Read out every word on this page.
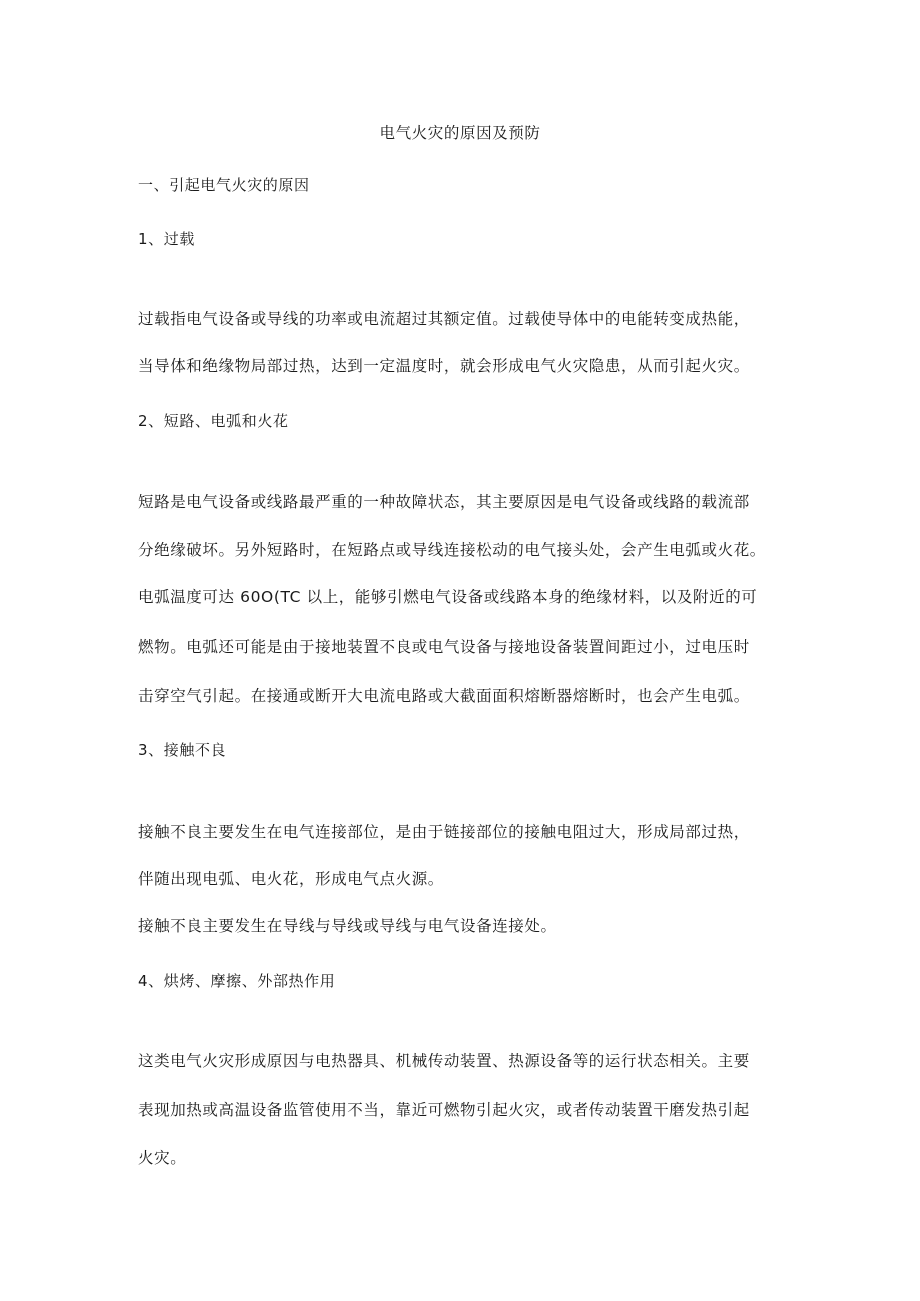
电气火灾的原因及预防
一、引起电气火灾的原因
1、过载
过载指电气设备或导线的功率或电流超过其额定值。过载使导体中的电能转变成热能，
当导体和绝缘物局部过热，达到一定温度时，就会形成电气火灾隐患，从而引起火灾。
2、短路、电弧和火花
短路是电气设备或线路最严重的一种故障状态，其主要原因是电气设备或线路的载流部
分绝缘破坏。另外短路时，在短路点或导线连接松动的电气接头处，会产生电弧或火花。
电弧温度可达 60O(TC 以上，能够引燃电气设备或线路本身的绝缘材料，以及附近的可
燃物。电弧还可能是由于接地装置不良或电气设备与接地设备装置间距过小，过电压时
击穿空气引起。在接通或断开大电流电路或大截面面积熔断器熔断时，也会产生电弧。
3、接触不良
接触不良主要发生在电气连接部位，是由于链接部位的接触电阻过大，形成局部过热，
伴随出现电弧、电火花，形成电气点火源。
接触不良主要发生在导线与导线或导线与电气设备连接处。
4、烘烤、摩擦、外部热作用
这类电气火灾形成原因与电热器具、机械传动装置、热源设备等的运行状态相关。主要
表现加热或高温设备监管使用不当，靠近可燃物引起火灾，或者传动装置干磨发热引起
火灾。
